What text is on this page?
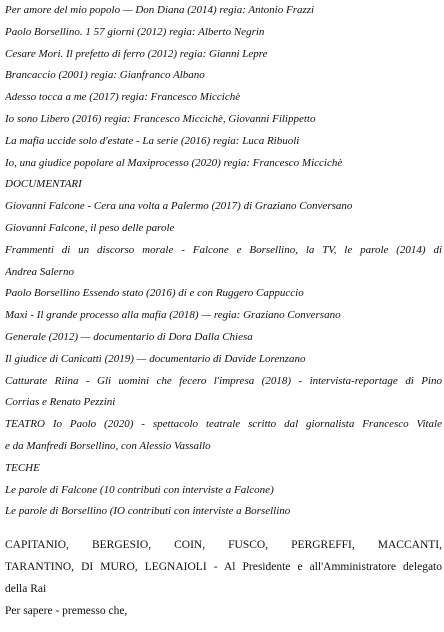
Per amore del mio popolo — Don Diana (2014) regia: Antonio Frazzi
Paolo Borsellino. 1 57 giorni (2012) regia: Alberto Negrin
Cesare Mori. Il prefetto di ferro (2012) regia: Gianni Lepre
Brancaccio (2001) regia: Gianfranco Albano
Adesso tocca a me (2017) regia: Francesco Miccichè
Io sono Libero (2016) regia: Francesco Miccichè, Giovanni Filippetto
La mafia uccide solo d'estate - La serie (2016) regia: Luca Ribuoli
Io, una giudice popolare al Maxiprocesso (2020) regia: Francesco Miccichè
DOCUMENTARI
Giovanni Falcone - Cera una volta a Palermo (2017) di Graziano Conversano
Giovanni Falcone, il peso delle parole
Frammenti di un discorso morale - Falcone e Borsellino, la TV, le parole (2014) di
Andrea Salerno
Paolo Borsellino Essendo stato (2016) di e con Ruggero Cappuccio
Maxi - Il grande processo alla mafia (2018) — regia: Graziano Conversano
Generale (2012) — documentario di Dora Dalla Chiesa
Il giudice di Canicattì (2019) — documentario di Davide Lorenzano
Catturate Riina - Gli uomini che fecero l'impresa (2018) - intervista-reportage di Pino
Corrias e Renato Pezzini
TEATRO Io Paolo (2020) - spettacolo teatrale scritto dal giornalista Francesco Vitale
e da Manfredi Borsellino, con Alessio Vassallo
TECHE
Le parole di Falcone (10 contributi con interviste a Falcone)
Le parole di Borsellino (IO contributi con interviste a Borsellino
CAPITANIO, BERGESIO, COIN, FUSCO, PERGREFFI, MACCANTI,
TARANTINO, DI MURO, LEGNAIOLI - Al Presidente e all'Amministratore delegato
della Rai
Per sapere - premesso che,
